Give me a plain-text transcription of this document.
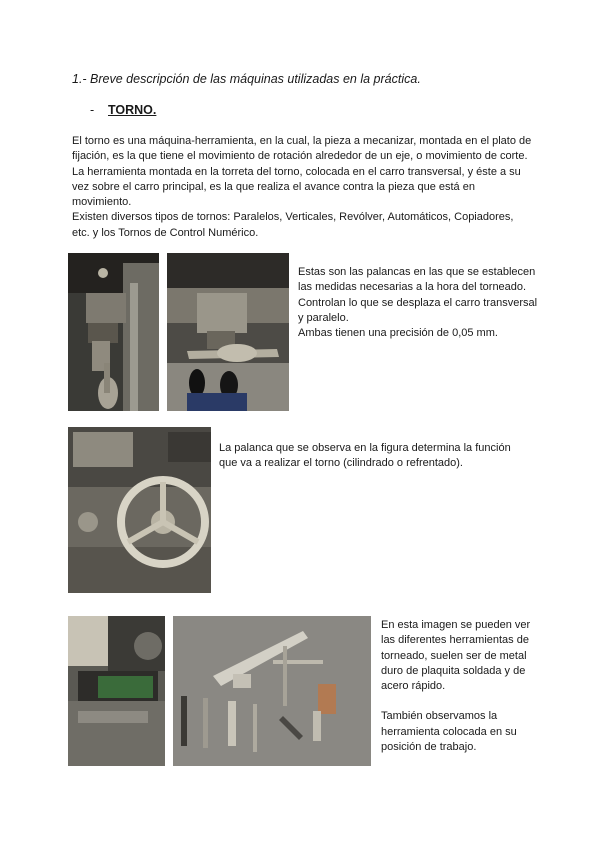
1.- Breve descripción de las máquinas utilizadas en la práctica.
- TORNO.

El torno es una máquina-herramienta, en la cual, la pieza a mecanizar, montada en el plato de fijación, es la que tiene el movimiento de rotación alrededor de un eje, o movimiento de corte. La herramienta montada en la torreta del torno, colocada en el carro transversal, y éste a su vez sobre el carro principal, es la que realiza el avance contra la pieza que está en movimiento.

Existen diversos tipos de tornos: Paralelos, Verticales, Revólver, Automáticos, Copiadores, etc. y los Tornos de Control Numérico.

Estas son las palancas en las que se establecen las medidas necesarias a la hora del torneado.

Controlan lo que se desplaza el carro transversal y paralelo.

Ambas tienen una precisión de 0,05 mm.

La palanca que se observa en la figura determina la función que va a realizar el torno (cilindrado o refrentado).

En esta imagen se pueden ver las diferentes herramientas de torneado, suelen ser de metal duro de plaquita soldada y de acero rápido.

También observamos la herramienta colocada en su posición de trabajo.
